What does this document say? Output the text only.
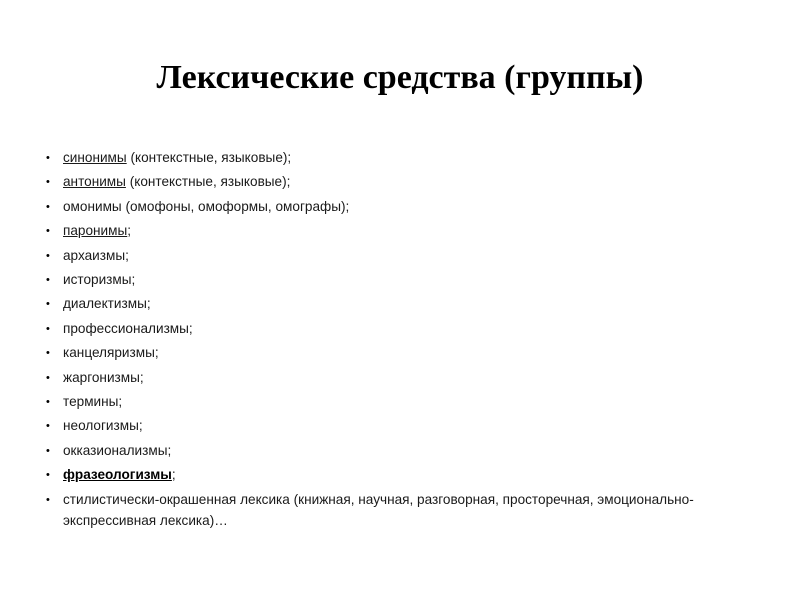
Лексические средства (группы)
• синонимы (контекстные, языковые);
• антонимы (контекстные, языковые);
• омонимы (омофоны, омоформы, омографы);
• паронимы;
• архаизмы;
• историзмы;
• диалектизмы;
• профессионализмы;
• канцеляризмы;
• жаргонизмы;
• термины;
• неологизмы;
• окказионализмы;
• фразеологизмы;
• стилистически-окрашенная лексика (книжная, научная, разговорная, просторечная, эмоционально-экспрессивная лексика)…
